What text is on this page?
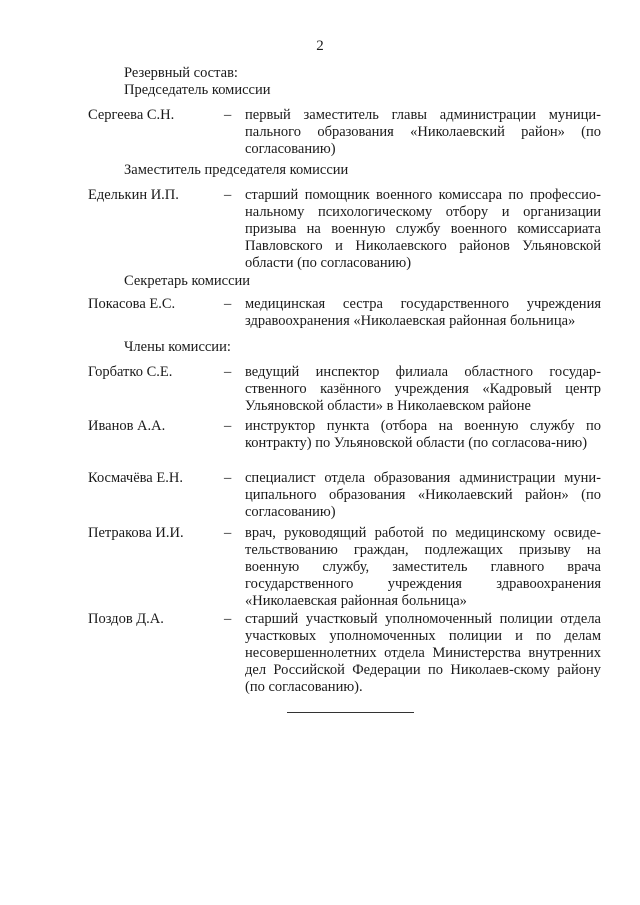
2
Резервный состав:
Председатель комиссии
Сергеева С.Н.	– первый заместитель главы администрации муници-пального образования «Николаевский район» (по согласованию)
Заместитель председателя комиссии
Еделькин И.П.	– старший помощник военного комиссара по профессио-нальному психологическому отбору и организации призыва на военную службу военного комиссариата Павловского и Николаевского районов Ульяновской области (по согласованию)
Секретарь комиссии
Покасова Е.С.	– медицинская сестра государственного учреждения здравоохранения «Николаевская районная больница»
Члены комиссии:
Горбатко С.Е.	– ведущий инспектор филиала областного государ-ственного казённого учреждения «Кадровый центр Ульяновской области» в Николаевском районе
Иванов А.А.	– инструктор пункта (отбора на военную службу по контракту) по Ульяновской области (по согласова-нию)
Космачёва Е.Н.	– специалист отдела образования администрации муни-ципального образования «Николаевский район» (по согласованию)
Петракова И.И.	– врач, руководящий работой по медицинскому освиде-тельствованию граждан, подлежащих призыву на военную службу, заместитель главного врача государственного учреждения здравоохранения «Николаевская районная больница»
Поздов Д.А.	– старший участковый уполномоченный полиции отдела участковых уполномоченных полиции и по делам несовершеннолетних отдела Министерства внутренних дел Российской Федерации по Николаев-скому району (по согласованию).
